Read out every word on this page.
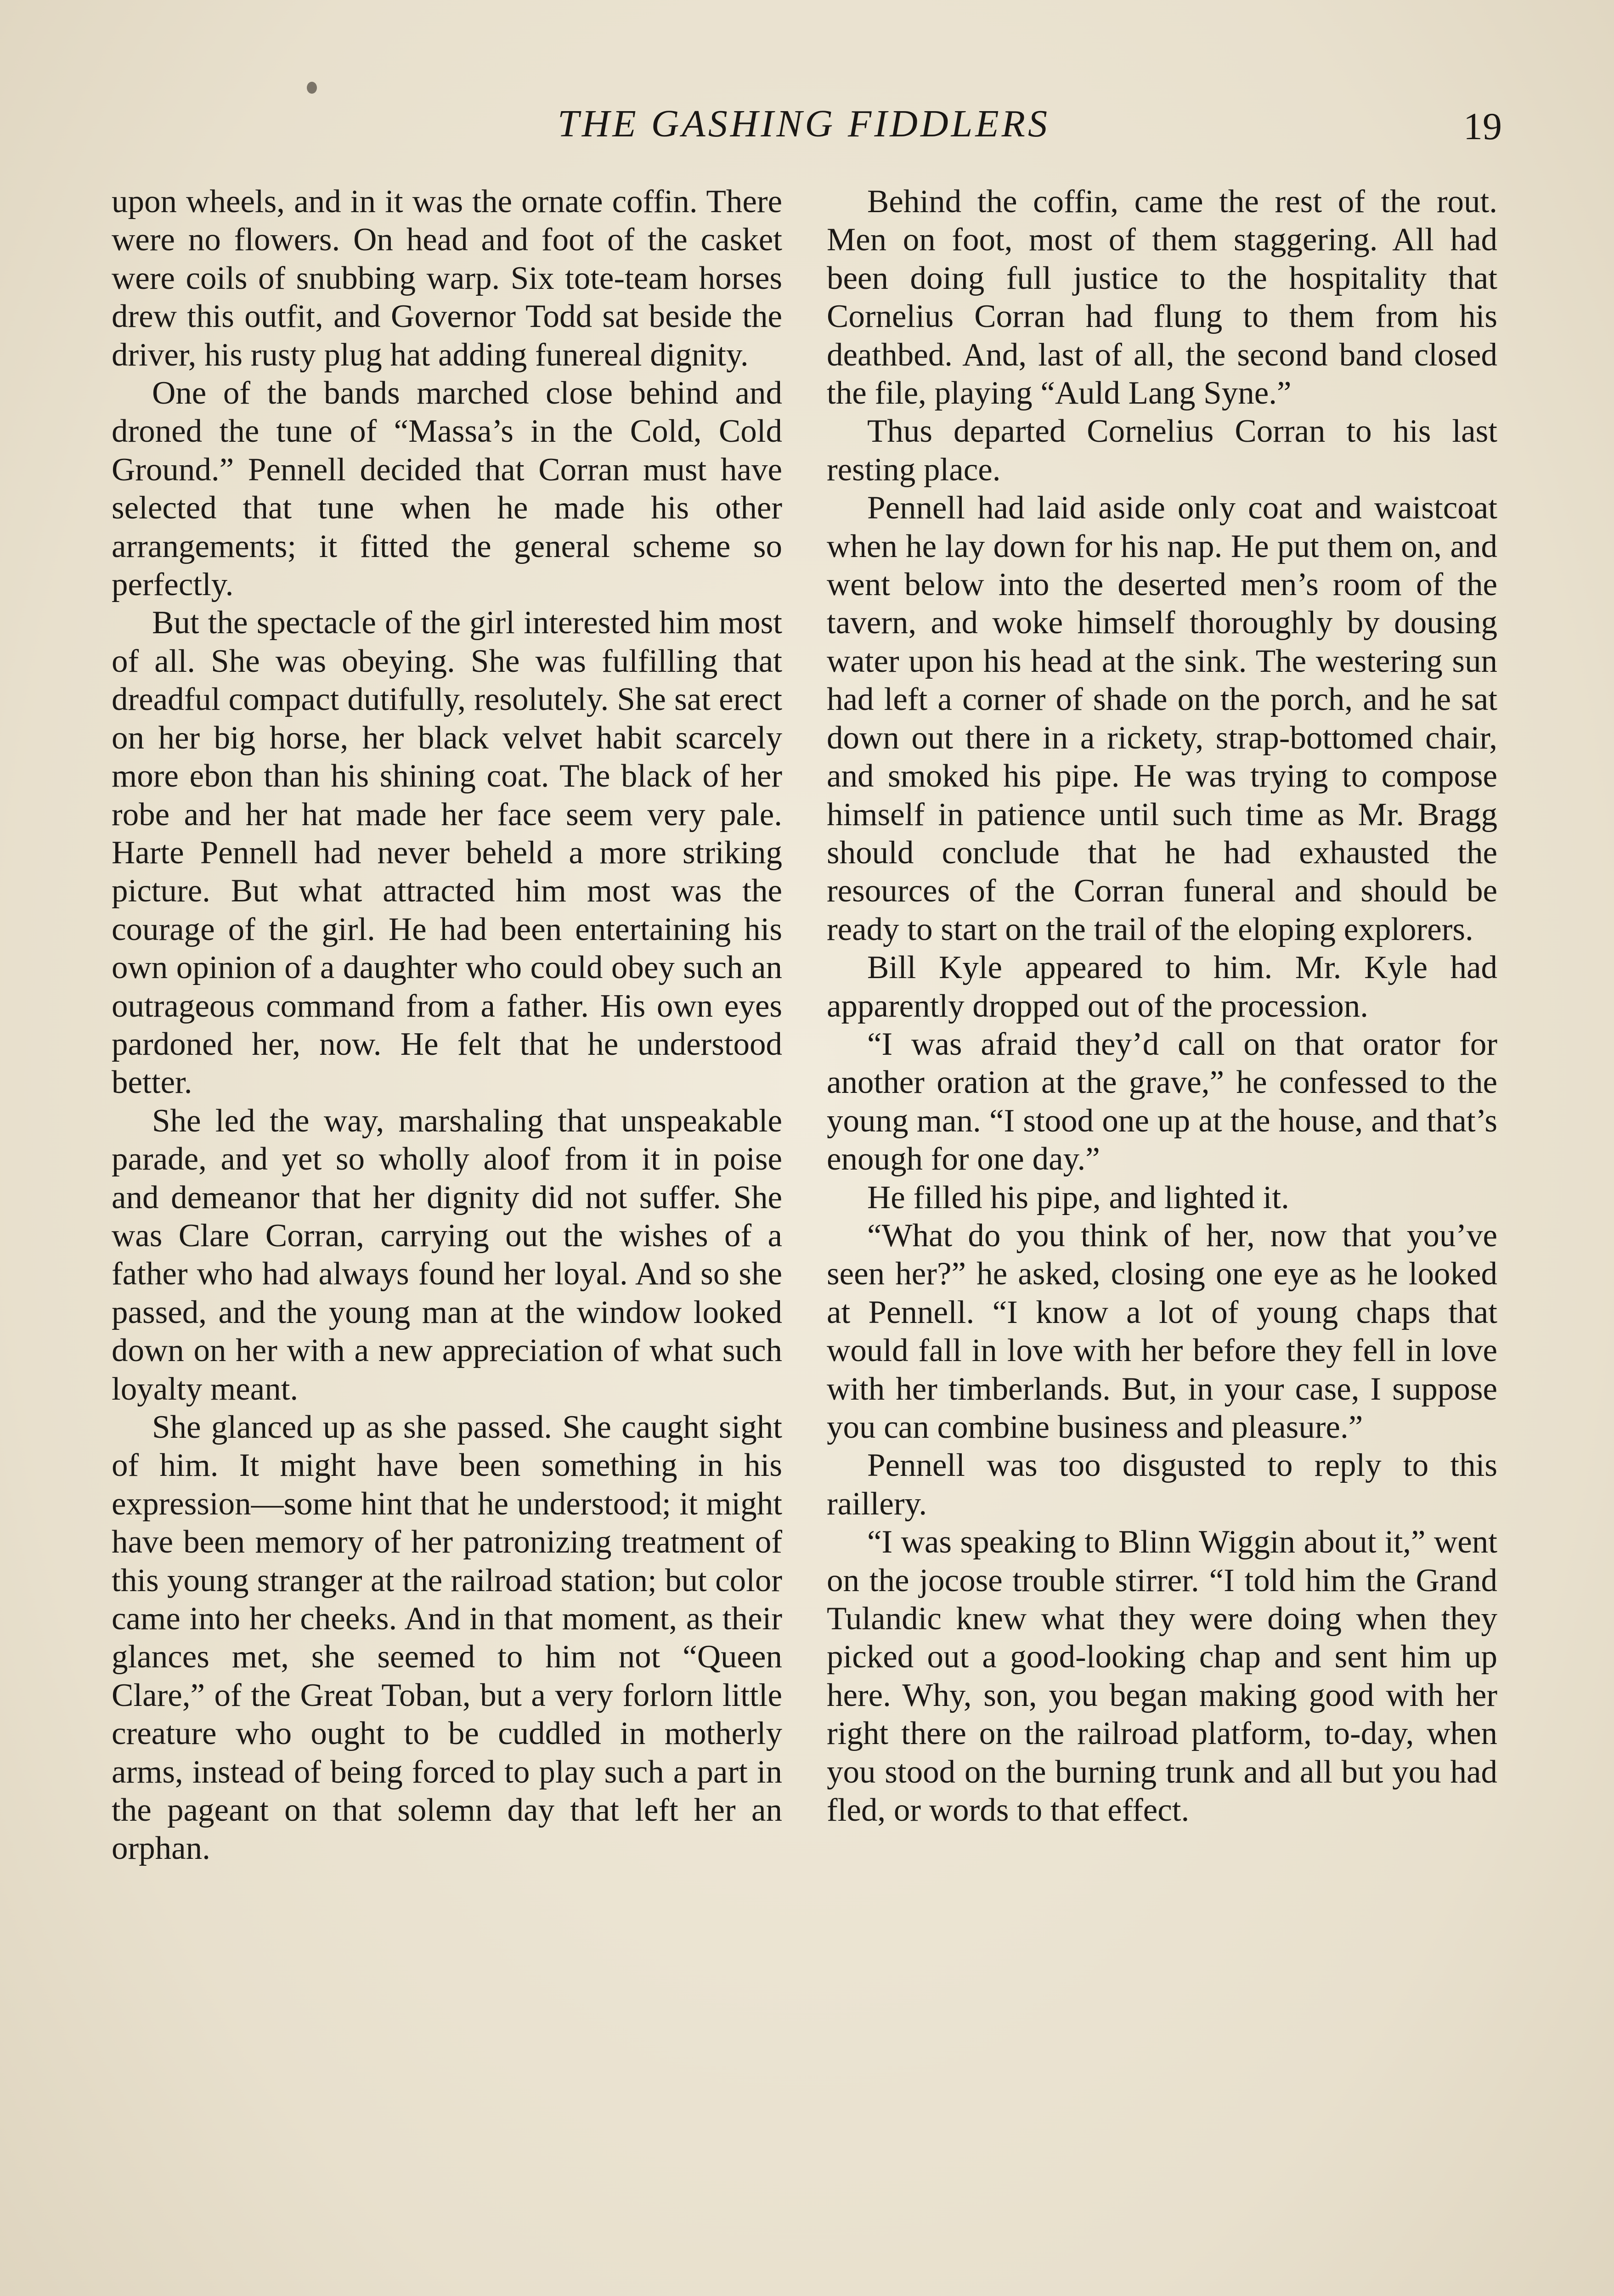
THE GASHING FIDDLERS	19

upon wheels, and in it was the ornate coffin. There were no flowers. On head and foot of the casket were coils of snubbing warp. Six tote-team horses drew this outfit, and Governor Todd sat beside the driver, his rusty plug hat adding funereal dignity.

One of the bands marched close behind and droned the tune of “Massa’s in the Cold, Cold Ground.” Pennell decided that Corran must have selected that tune when he made his other arrangements; it fitted the general scheme so perfectly.

But the spectacle of the girl interested him most of all. She was obeying. She was fulfilling that dreadful compact dutifully, resolutely. She sat erect on her big horse, her black velvet habit scarcely more ebon than his shining coat. The black of her robe and her hat made her face seem very pale. Harte Pennell had never beheld a more striking picture. But what attracted him most was the courage of the girl. He had been entertaining his own opinion of a daughter who could obey such an outrageous command from a father. His own eyes pardoned her, now. He felt that he understood better.

She led the way, marshaling that unspeakable parade, and yet so wholly aloof from it in poise and demeanor that her dignity did not suffer. She was Clare Corran, carrying out the wishes of a father who had always found her loyal. And so she passed, and the young man at the window looked down on her with a new appreciation of what such loyalty meant.

She glanced up as she passed. She caught sight of him. It might have been something in his expression—some hint that he understood; it might have been memory of her patronizing treatment of this young stranger at the railroad station; but color came into her cheeks. And in that moment, as their glances met, she seemed to him not “Queen Clare,” of the Great Toban, but a very forlorn little creature who ought to be cuddled in motherly arms, instead of being forced to play such a part in the pageant on that solemn day that left her an orphan.

Behind the coffin, came the rest of the rout. Men on foot, most of them staggering. All had been doing full justice to the hospitality that Cornelius Corran had flung to them from his deathbed. And, last of all, the second band closed the file, playing “Auld Lang Syne.”

Thus departed Cornelius Corran to his last resting place.

Pennell had laid aside only coat and waistcoat when he lay down for his nap. He put them on, and went below into the deserted men’s room of the tavern, and woke himself thoroughly by dousing water upon his head at the sink. The westering sun had left a corner of shade on the porch, and he sat down out there in a rickety, strap-bottomed chair, and smoked his pipe. He was trying to compose himself in patience until such time as Mr. Bragg should conclude that he had exhausted the resources of the Corran funeral and should be ready to start on the trail of the eloping explorers.

Bill Kyle appeared to him. Mr. Kyle had apparently dropped out of the procession.

“I was afraid they’d call on that orator for another oration at the grave,” he confessed to the young man. “I stood one up at the house, and that’s enough for one day.”

He filled his pipe, and lighted it.

“What do you think of her, now that you’ve seen her?” he asked, closing one eye as he looked at Pennell. “I know a lot of young chaps that would fall in love with her before they fell in love with her timberlands. But, in your case, I suppose you can combine business and pleasure.”

Pennell was too disgusted to reply to this raillery.

“I was speaking to Blinn Wiggin about it,” went on the jocose trouble stirrer. “I told him the Grand Tulandic knew what they were doing when they picked out a good-looking chap and sent him up here. Why, son, you began making good with her right there on the railroad platform, to-day, when you stood on the burning trunk and all but you had fled, or words to that effect.
